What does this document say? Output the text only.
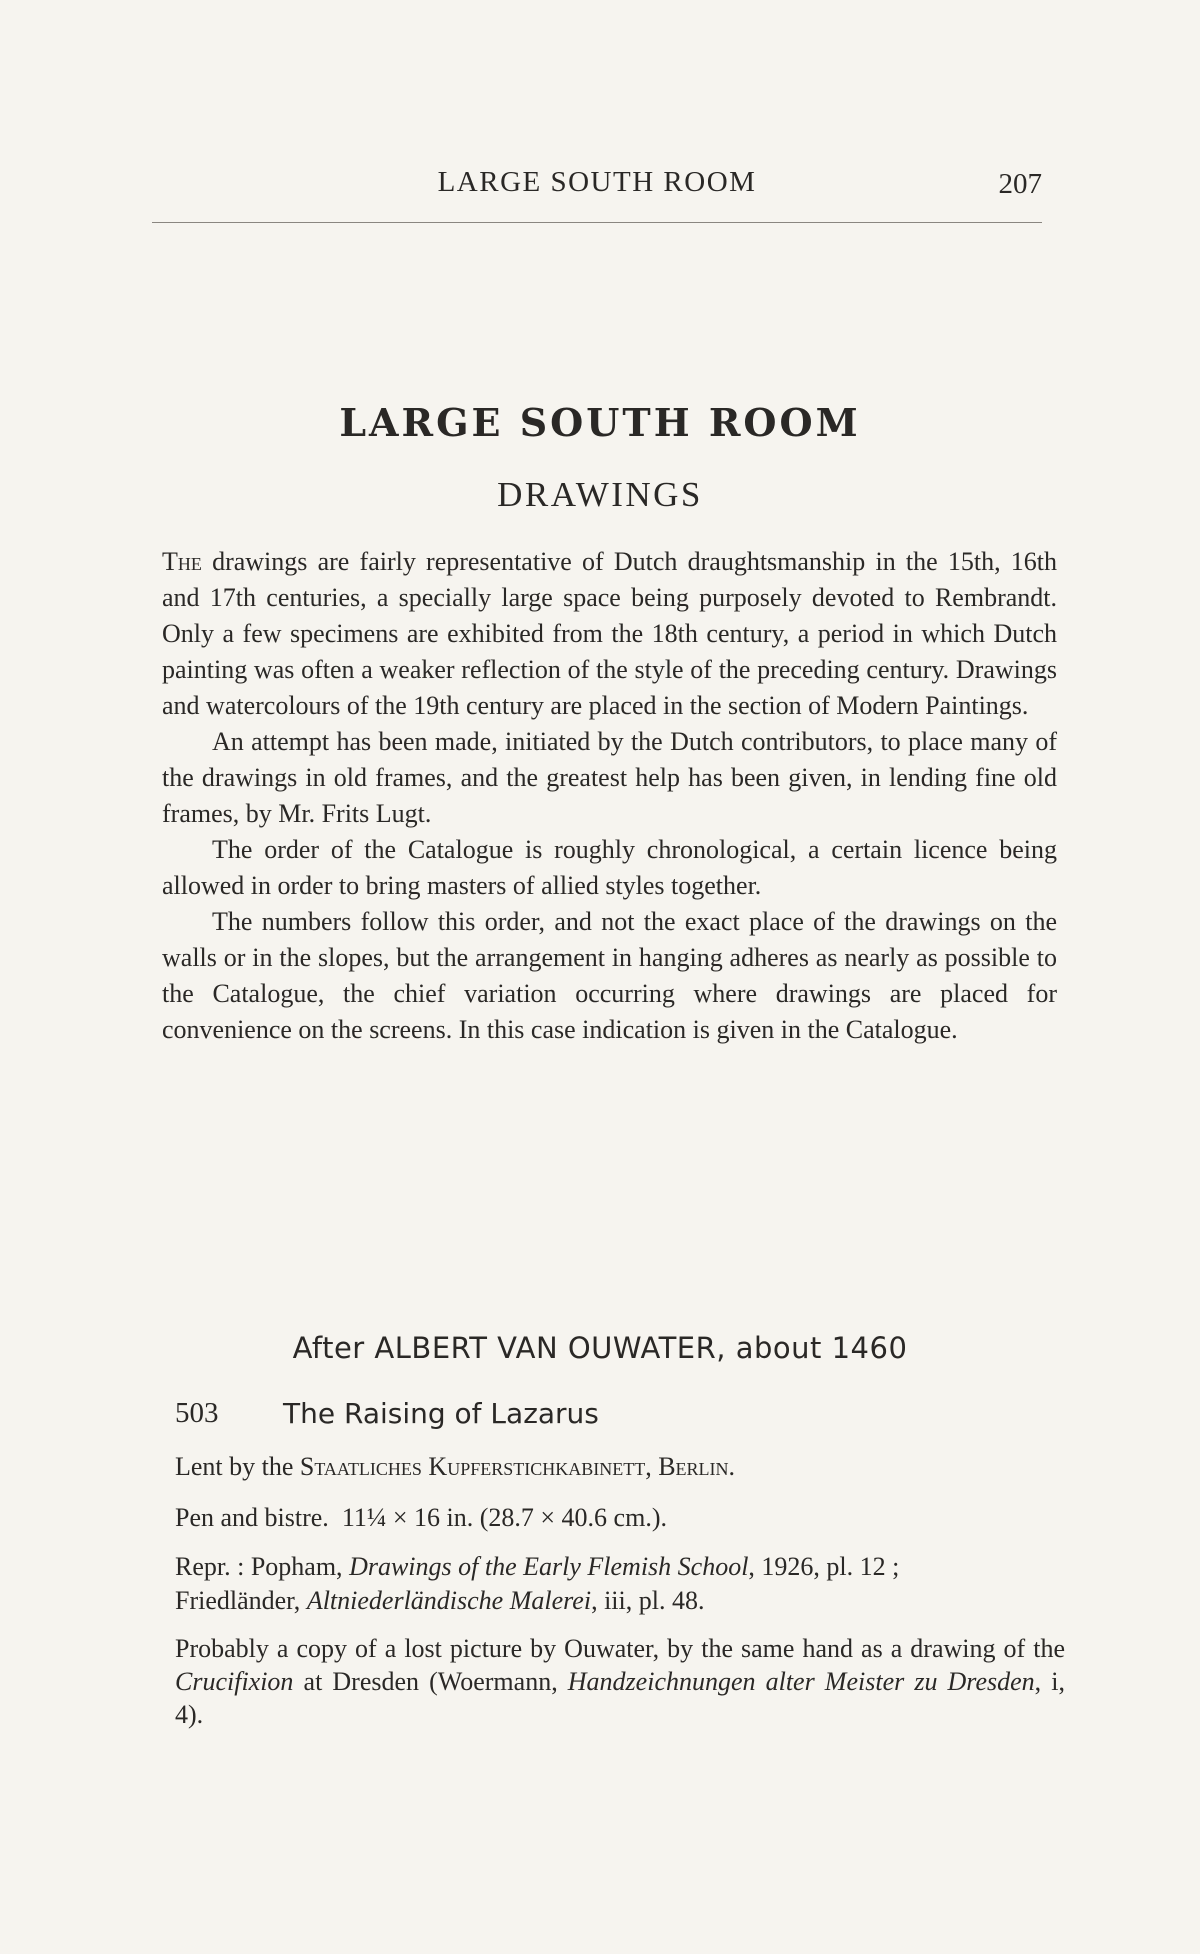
LARGE SOUTH ROOM	207
LARGE SOUTH ROOM
DRAWINGS

The drawings are fairly representative of Dutch draughtsmanship in the 15th, 16th and 17th centuries, a specially large space being purposely devoted to Rembrandt. Only a few specimens are exhibited from the 18th century, a period in which Dutch painting was often a weaker reflection of the style of the preceding century. Drawings and watercolours of the 19th century are placed in the section of Modern Paintings.

An attempt has been made, initiated by the Dutch contributors, to place many of the drawings in old frames, and the greatest help has been given, in lending fine old frames, by Mr. Frits Lugt.

The order of the Catalogue is roughly chronological, a certain licence being allowed in order to bring masters of allied styles together.

The numbers follow this order, and not the exact place of the drawings on the walls or in the slopes, but the arrangement in hanging adheres as nearly as possible to the Catalogue, the chief variation occurring where drawings are placed for convenience on the screens. In this case indication is given in the Catalogue.

After ALBERT VAN OUWATER, about 1460
503 The Raising of Lazarus
Lent by the Staatliches Kupferstichkabinett, Berlin.
Pen and bistre. 11¼ × 16 in. (28.7 × 40.6 cm.).

Repr. : Popham, Drawings of the Early Flemish School, 1926, pl. 12 ;

Friedländer, Altniederländische Malerei, iii, pl. 48.

Probably a copy of a lost picture by Ouwater, by the same hand as a drawing of the Crucifixion at Dresden (Woermann, Handzeichnungen alter Meister zu Dresden, i, 4).
